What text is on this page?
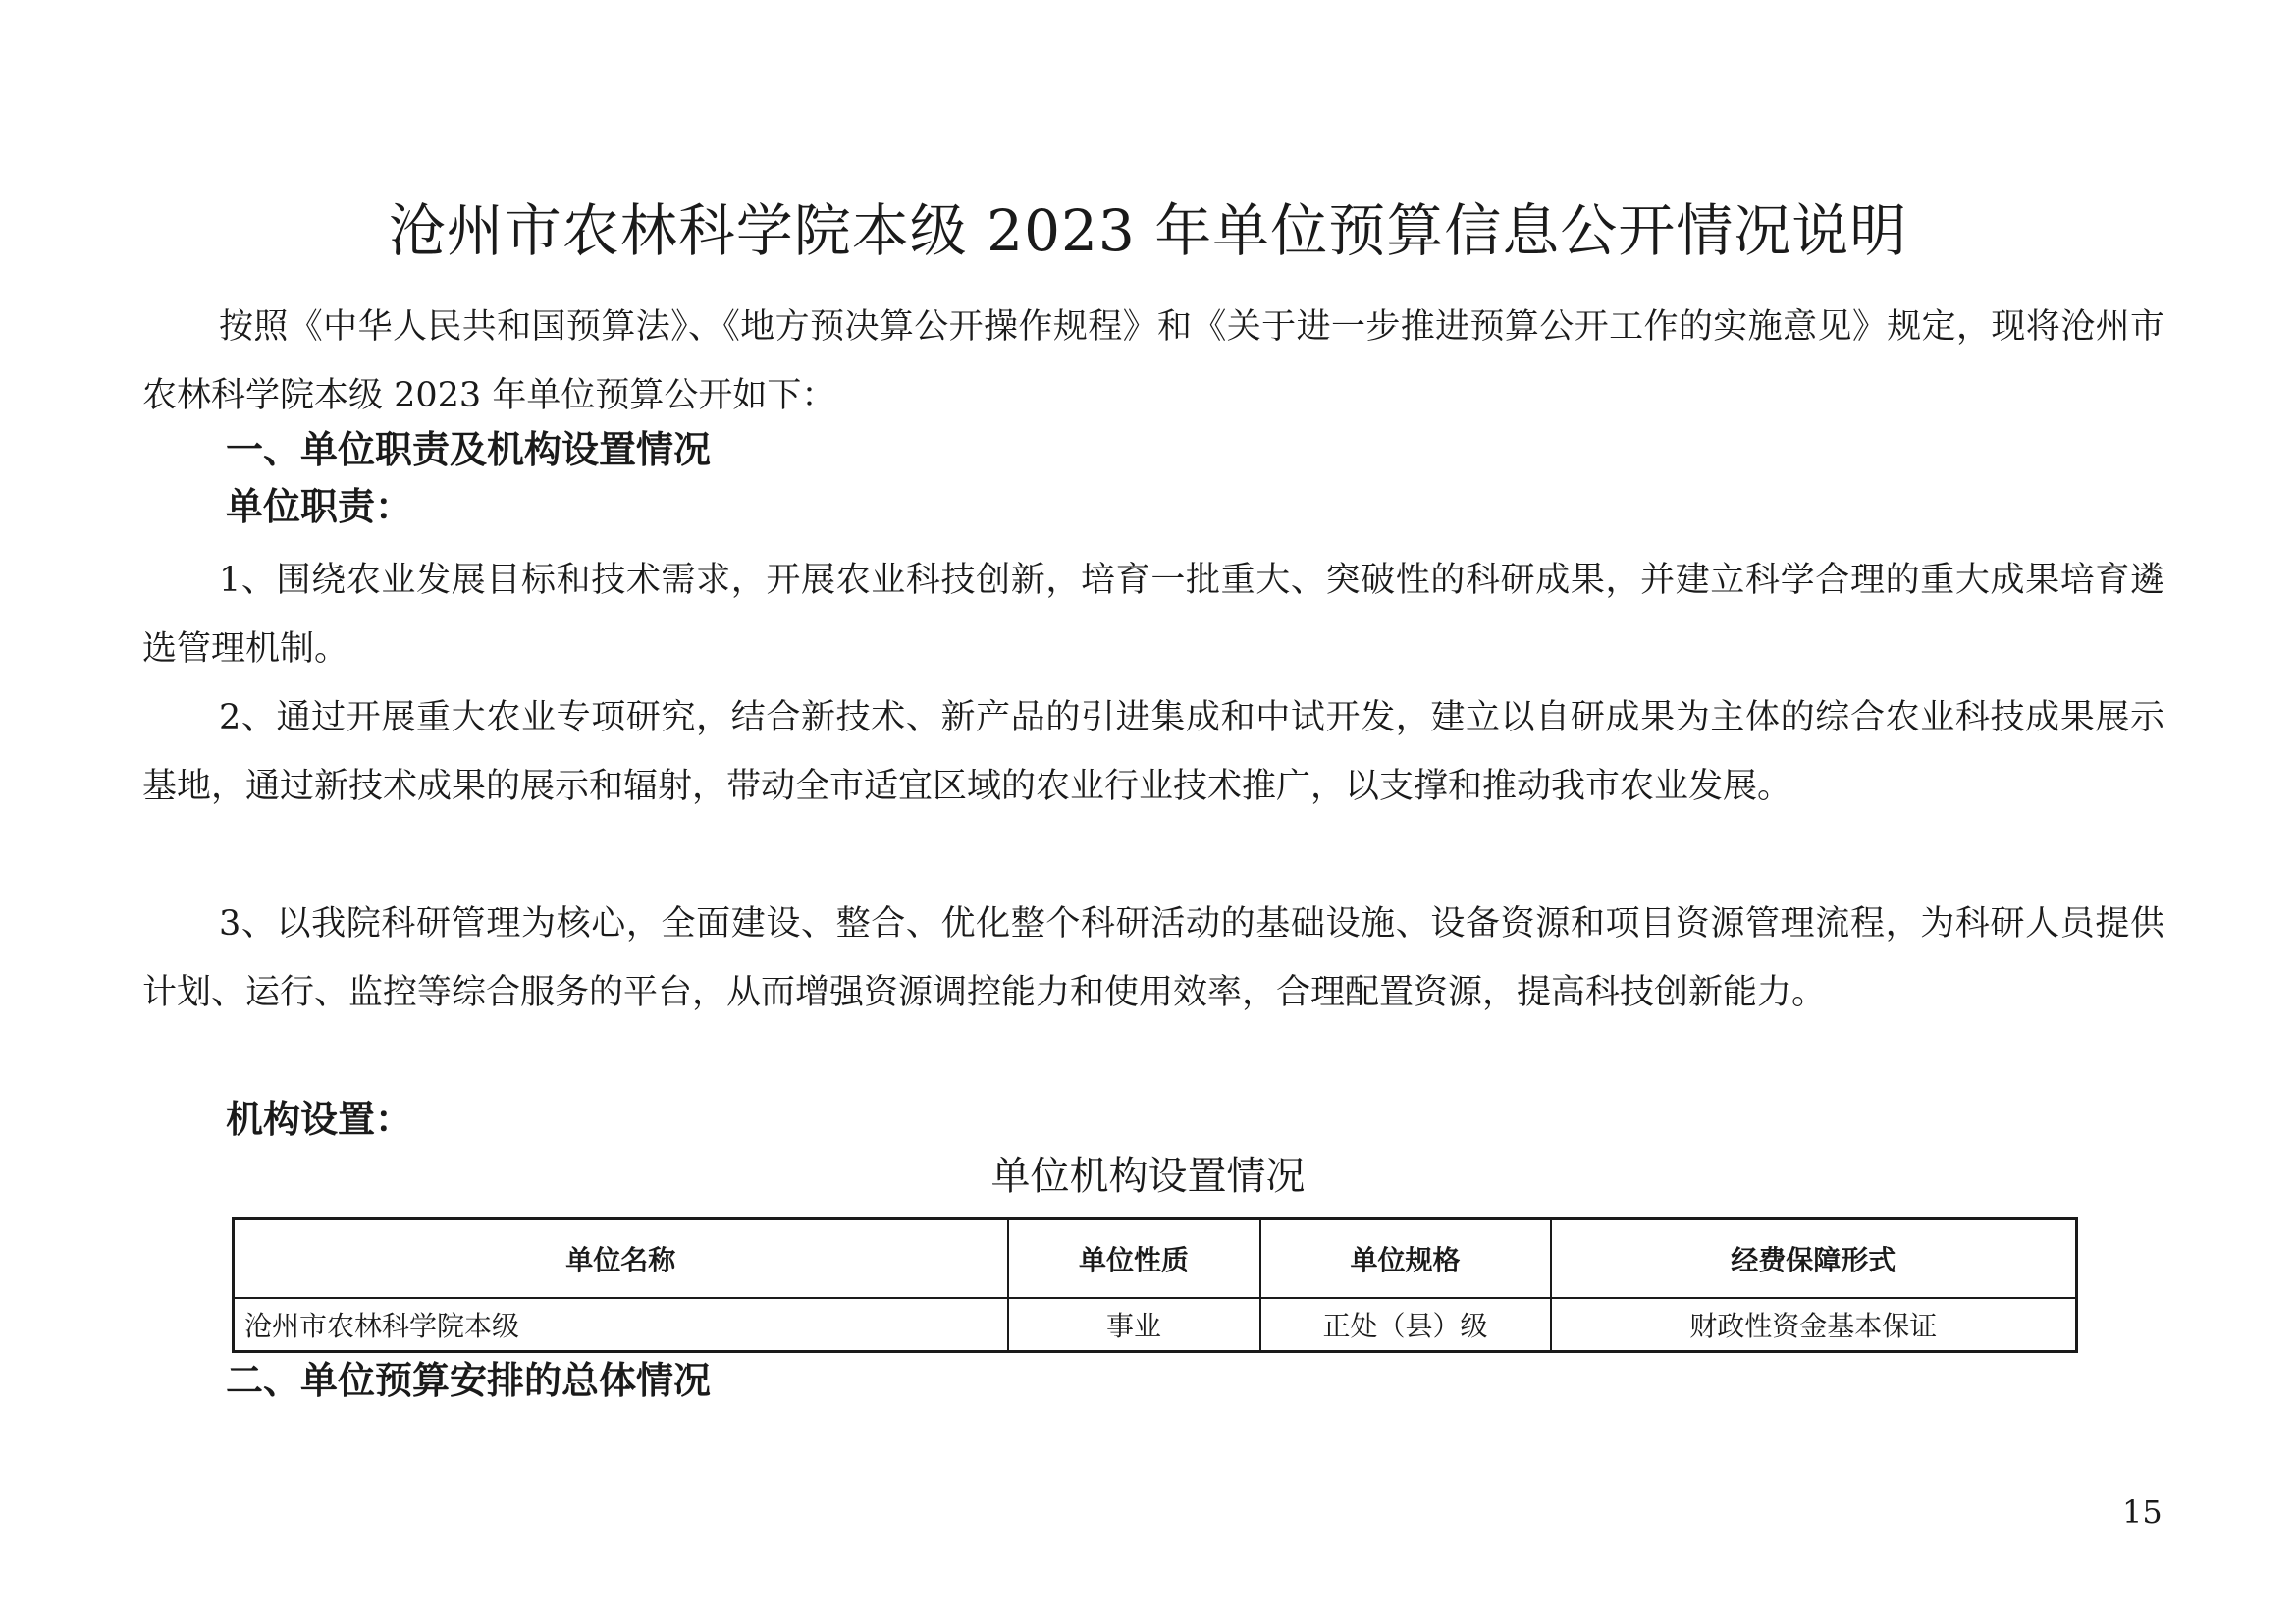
沧州市农林科学院本级 2023 年单位预算信息公开情况说明

按照《中华人民共和国预算法》、《地方预决算公开操作规程》和《关于进一步推进预算公开工作的实施意见》规定，现将沧州市农林科学院本级 2023 年单位预算公开如下：

一、单位职责及机构设置情况
单位职责：

1、围绕农业发展目标和技术需求，开展农业科技创新，培育一批重大、突破性的科研成果，并建立科学合理的重大成果培育遴选管理机制。

2、通过开展重大农业专项研究，结合新技术、新产品的引进集成和中试开发，建立以自研成果为主体的综合农业科技成果展示基地，通过新技术成果的展示和辐射，带动全市适宜区域的农业行业技术推广，以支撑和推动我市农业发展。

3、以我院科研管理为核心，全面建设、整合、优化整个科研活动的基础设施、设备资源和项目资源管理流程，为科研人员提供计划、运行、监控等综合服务的平台，从而增强资源调控能力和使用效率，合理配置资源，提高科技创新能力。

机构设置：
单位机构设置情况
单位名称	单位性质	单位规格	经费保障形式
沧州市农林科学院本级	事业	正处（县）级	财政性资金基本保证
二、单位预算安排的总体情况
15
